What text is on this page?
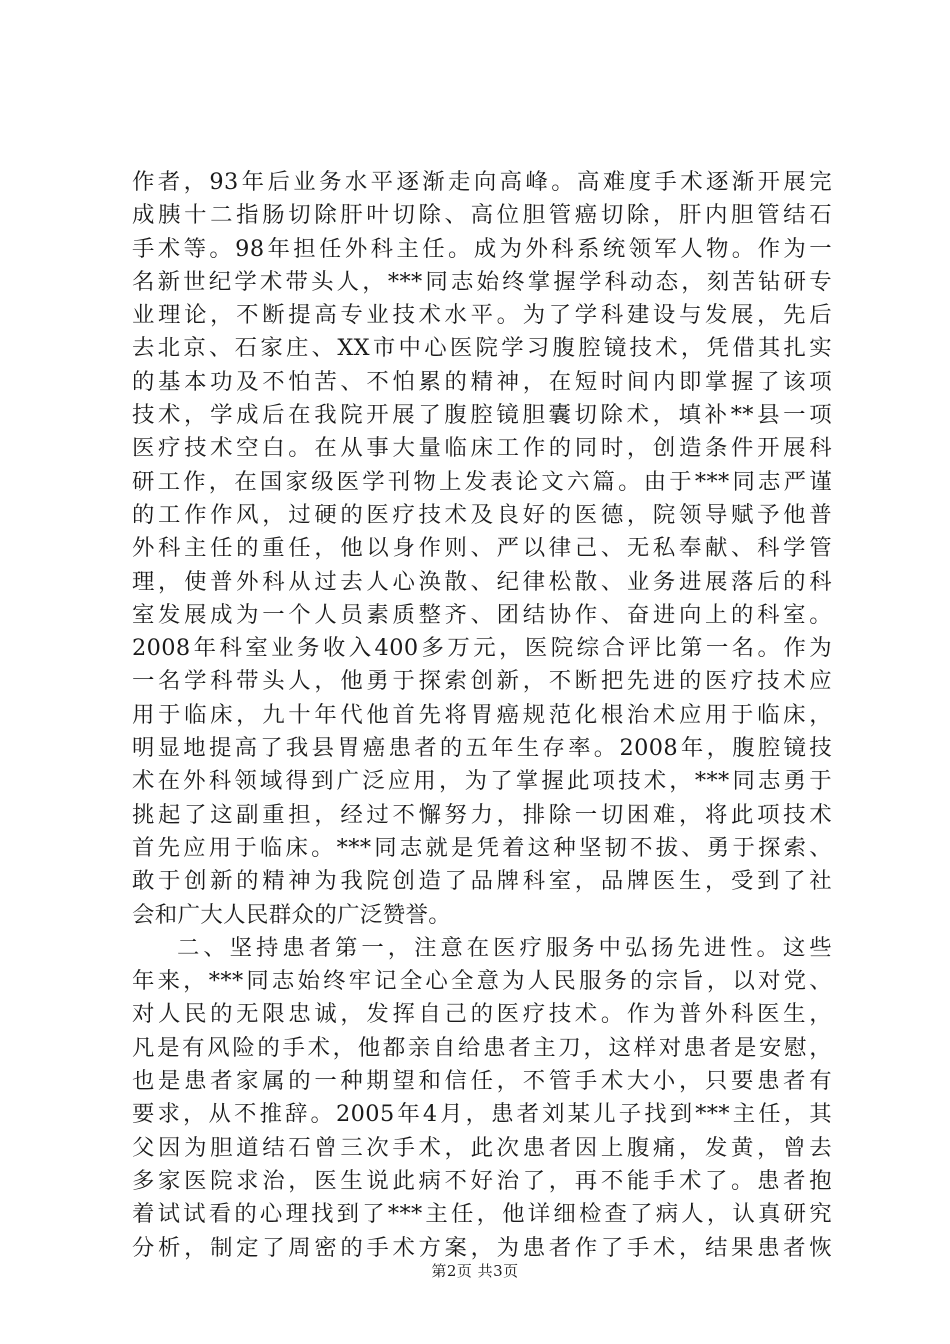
作者，93年后业务水平逐渐走向高峰。高难度手术逐渐开展完
成胰十二指肠切除肝叶切除、高位胆管癌切除，肝内胆管结石
手术等。98年担任外科主任。成为外科系统领军人物。作为一
名新世纪学术带头人，***同志始终掌握学科动态，刻苦钻研专
业理论，不断提高专业技术水平。为了学科建设与发展，先后
去北京、石家庄、XX市中心医院学习腹腔镜技术，凭借其扎实
的基本功及不怕苦、不怕累的精神，在短时间内即掌握了该项
技术，学成后在我院开展了腹腔镜胆囊切除术，填补**县一项
医疗技术空白。在从事大量临床工作的同时，创造条件开展科
研工作，在国家级医学刊物上发表论文六篇。由于***同志严谨
的工作作风，过硬的医疗技术及良好的医德，院领导赋予他普
外科主任的重任，他以身作则、严以律己、无私奉献、科学管
理，使普外科从过去人心涣散、纪律松散、业务进展落后的科
室发展成为一个人员素质整齐、团结协作、奋进向上的科室。
2008年科室业务收入400多万元，医院综合评比第一名。作为
一名学科带头人，他勇于探索创新，不断把先进的医疗技术应
用于临床，九十年代他首先将胃癌规范化根治术应用于临床，
明显地提高了我县胃癌患者的五年生存率。2008年，腹腔镜技
术在外科领域得到广泛应用，为了掌握此项技术，***同志勇于
挑起了这副重担，经过不懈努力，排除一切困难，将此项技术
首先应用于临床。***同志就是凭着这种坚韧不拔、勇于探索、
敢于创新的精神为我院创造了品牌科室，品牌医生，受到了社
会和广大人民群众的广泛赞誉。
二、坚持患者第一，注意在医疗服务中弘扬先进性。这些
年来，***同志始终牢记全心全意为人民服务的宗旨，以对党、
对人民的无限忠诚，发挥自己的医疗技术。作为普外科医生，
凡是有风险的手术，他都亲自给患者主刀，这样对患者是安慰，
也是患者家属的一种期望和信任，不管手术大小，只要患者有
要求，从不推辞。2005年4月，患者刘某儿子找到***主任，其
父因为胆道结石曾三次手术，此次患者因上腹痛，发黄，曾去
多家医院求治，医生说此病不好治了，再不能手术了。患者抱
着试试看的心理找到了***主任，他详细检查了病人，认真研究
分析，制定了周密的手术方案，为患者作了手术，结果患者恢
第2页 共3页
